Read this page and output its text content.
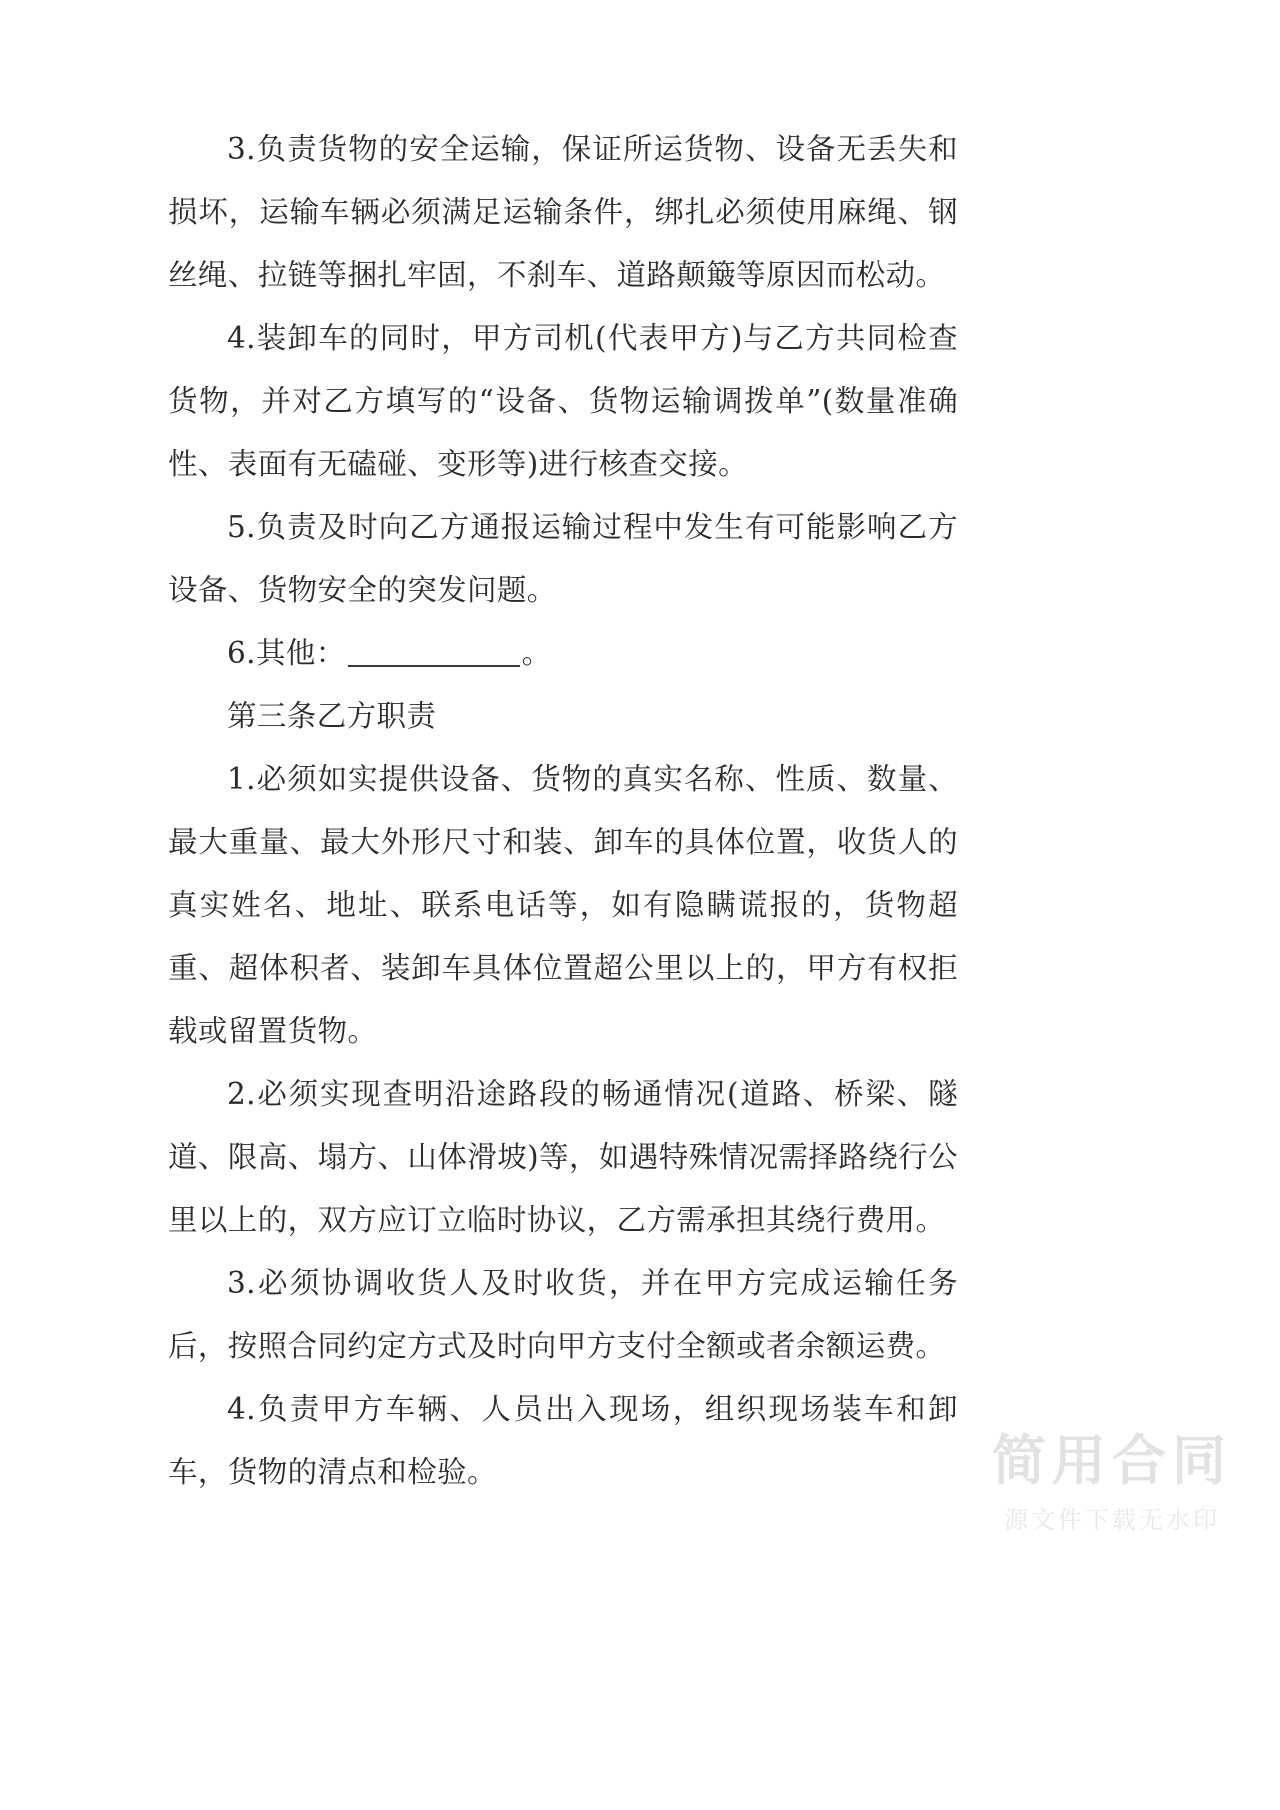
3.负责货物的安全运输，保证所运货物、设备无丢失和损坏，运输车辆必须满足运输条件，绑扎必须使用麻绳、钢丝绳、拉链等捆扎牢固，不刹车、道路颠簸等原因而松动。

4.装卸车的同时，甲方司机(代表甲方)与乙方共同检查货物，并对乙方填写的“设备、货物运输调拨单”(数量准确性、表面有无磕碰、变形等)进行核查交接。

5.负责及时向乙方通报运输过程中发生有可能影响乙方设备、货物安全的突发问题。

6.其他：	。

第三条乙方职责

1.必须如实提供设备、货物的真实名称、性质、数量、最大重量、最大外形尺寸和装、卸车的具体位置，收货人的真实姓名、地址、联系电话等，如有隐瞒谎报的，货物超重、超体积者、装卸车具体位置超公里以上的，甲方有权拒载或留置货物。

2.必须实现查明沿途路段的畅通情况(道路、桥梁、隧道、限高、塌方、山体滑坡)等，如遇特殊情况需择路绕行公里以上的，双方应订立临时协议，乙方需承担其绕行费用。

3.必须协调收货人及时收货，并在甲方完成运输任务后，按照合同约定方式及时向甲方支付全额或者余额运费。

4.负责甲方车辆、人员出入现场，组织现场装车和卸车，货物的清点和检验。	简用合同
源文件下载无水印
